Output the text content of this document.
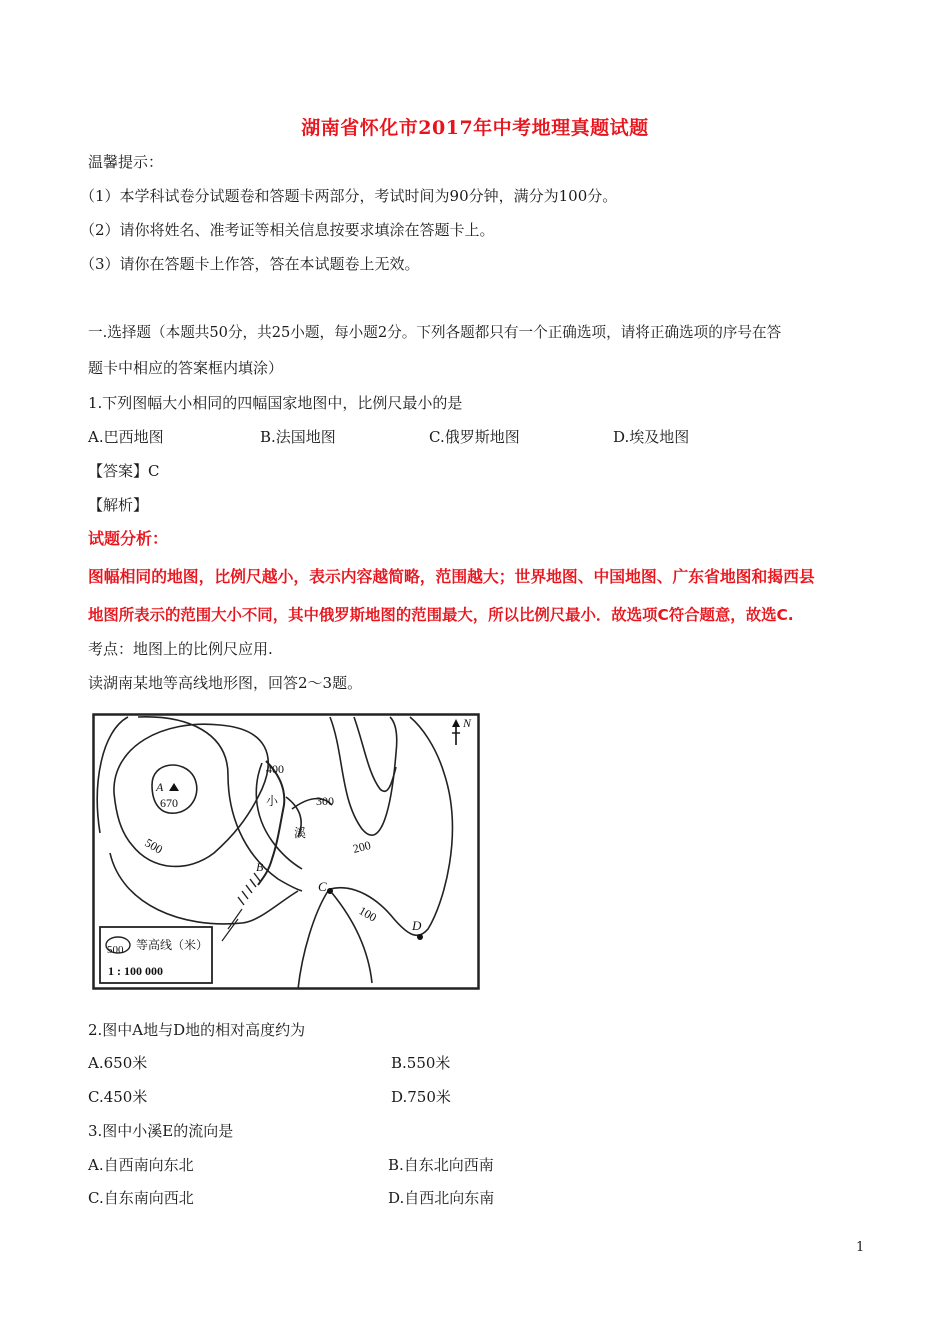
湖南省怀化市2017年中考地理真题试题
温馨提示：
（1）本学科试卷分试题卷和答题卡两部分，考试时间为90分钟，满分为100分。
（2）请你将姓名、准考证等相关信息按要求填涂在答题卡上。
（3）请你在答题卡上作答，答在本试题卷上无效。
一.选择题（本题共50分，共25小题，每小题2分。下列各题都只有一个正确选项，请将正确选项的序号在答
题卡中相应的答案框内填涂）
1.下列图幅大小相同的四幅国家地图中，比例尺最小的是
A.巴西地图	B.法国地图	C.俄罗斯地图	D.埃及地图
【答案】C
【解析】
试题分析：
图幅相同的地图，比例尺越小，表示内容越简略，范围越大；世界地图、中国地图、广东省地图和揭西县
地图所表示的范围大小不同，其中俄罗斯地图的范围最大，所以比例尺最小．故选项C符合题意，故选C.
考点：地图上的比例尺应用.
读湖南某地等高线地形图，回答2～3题。
N
A
670
400
300
200
100
500
小
溪
B
C
D
500 等高线（米）
1 : 100 000
2.图中A地与D地的相对高度约为
A.650米	B.550米
C.450米	D.750米
3.图中小溪E的流向是
A.自西南向东北	B.自东北向西南
C.自东南向西北	D.自西北向东南
1
